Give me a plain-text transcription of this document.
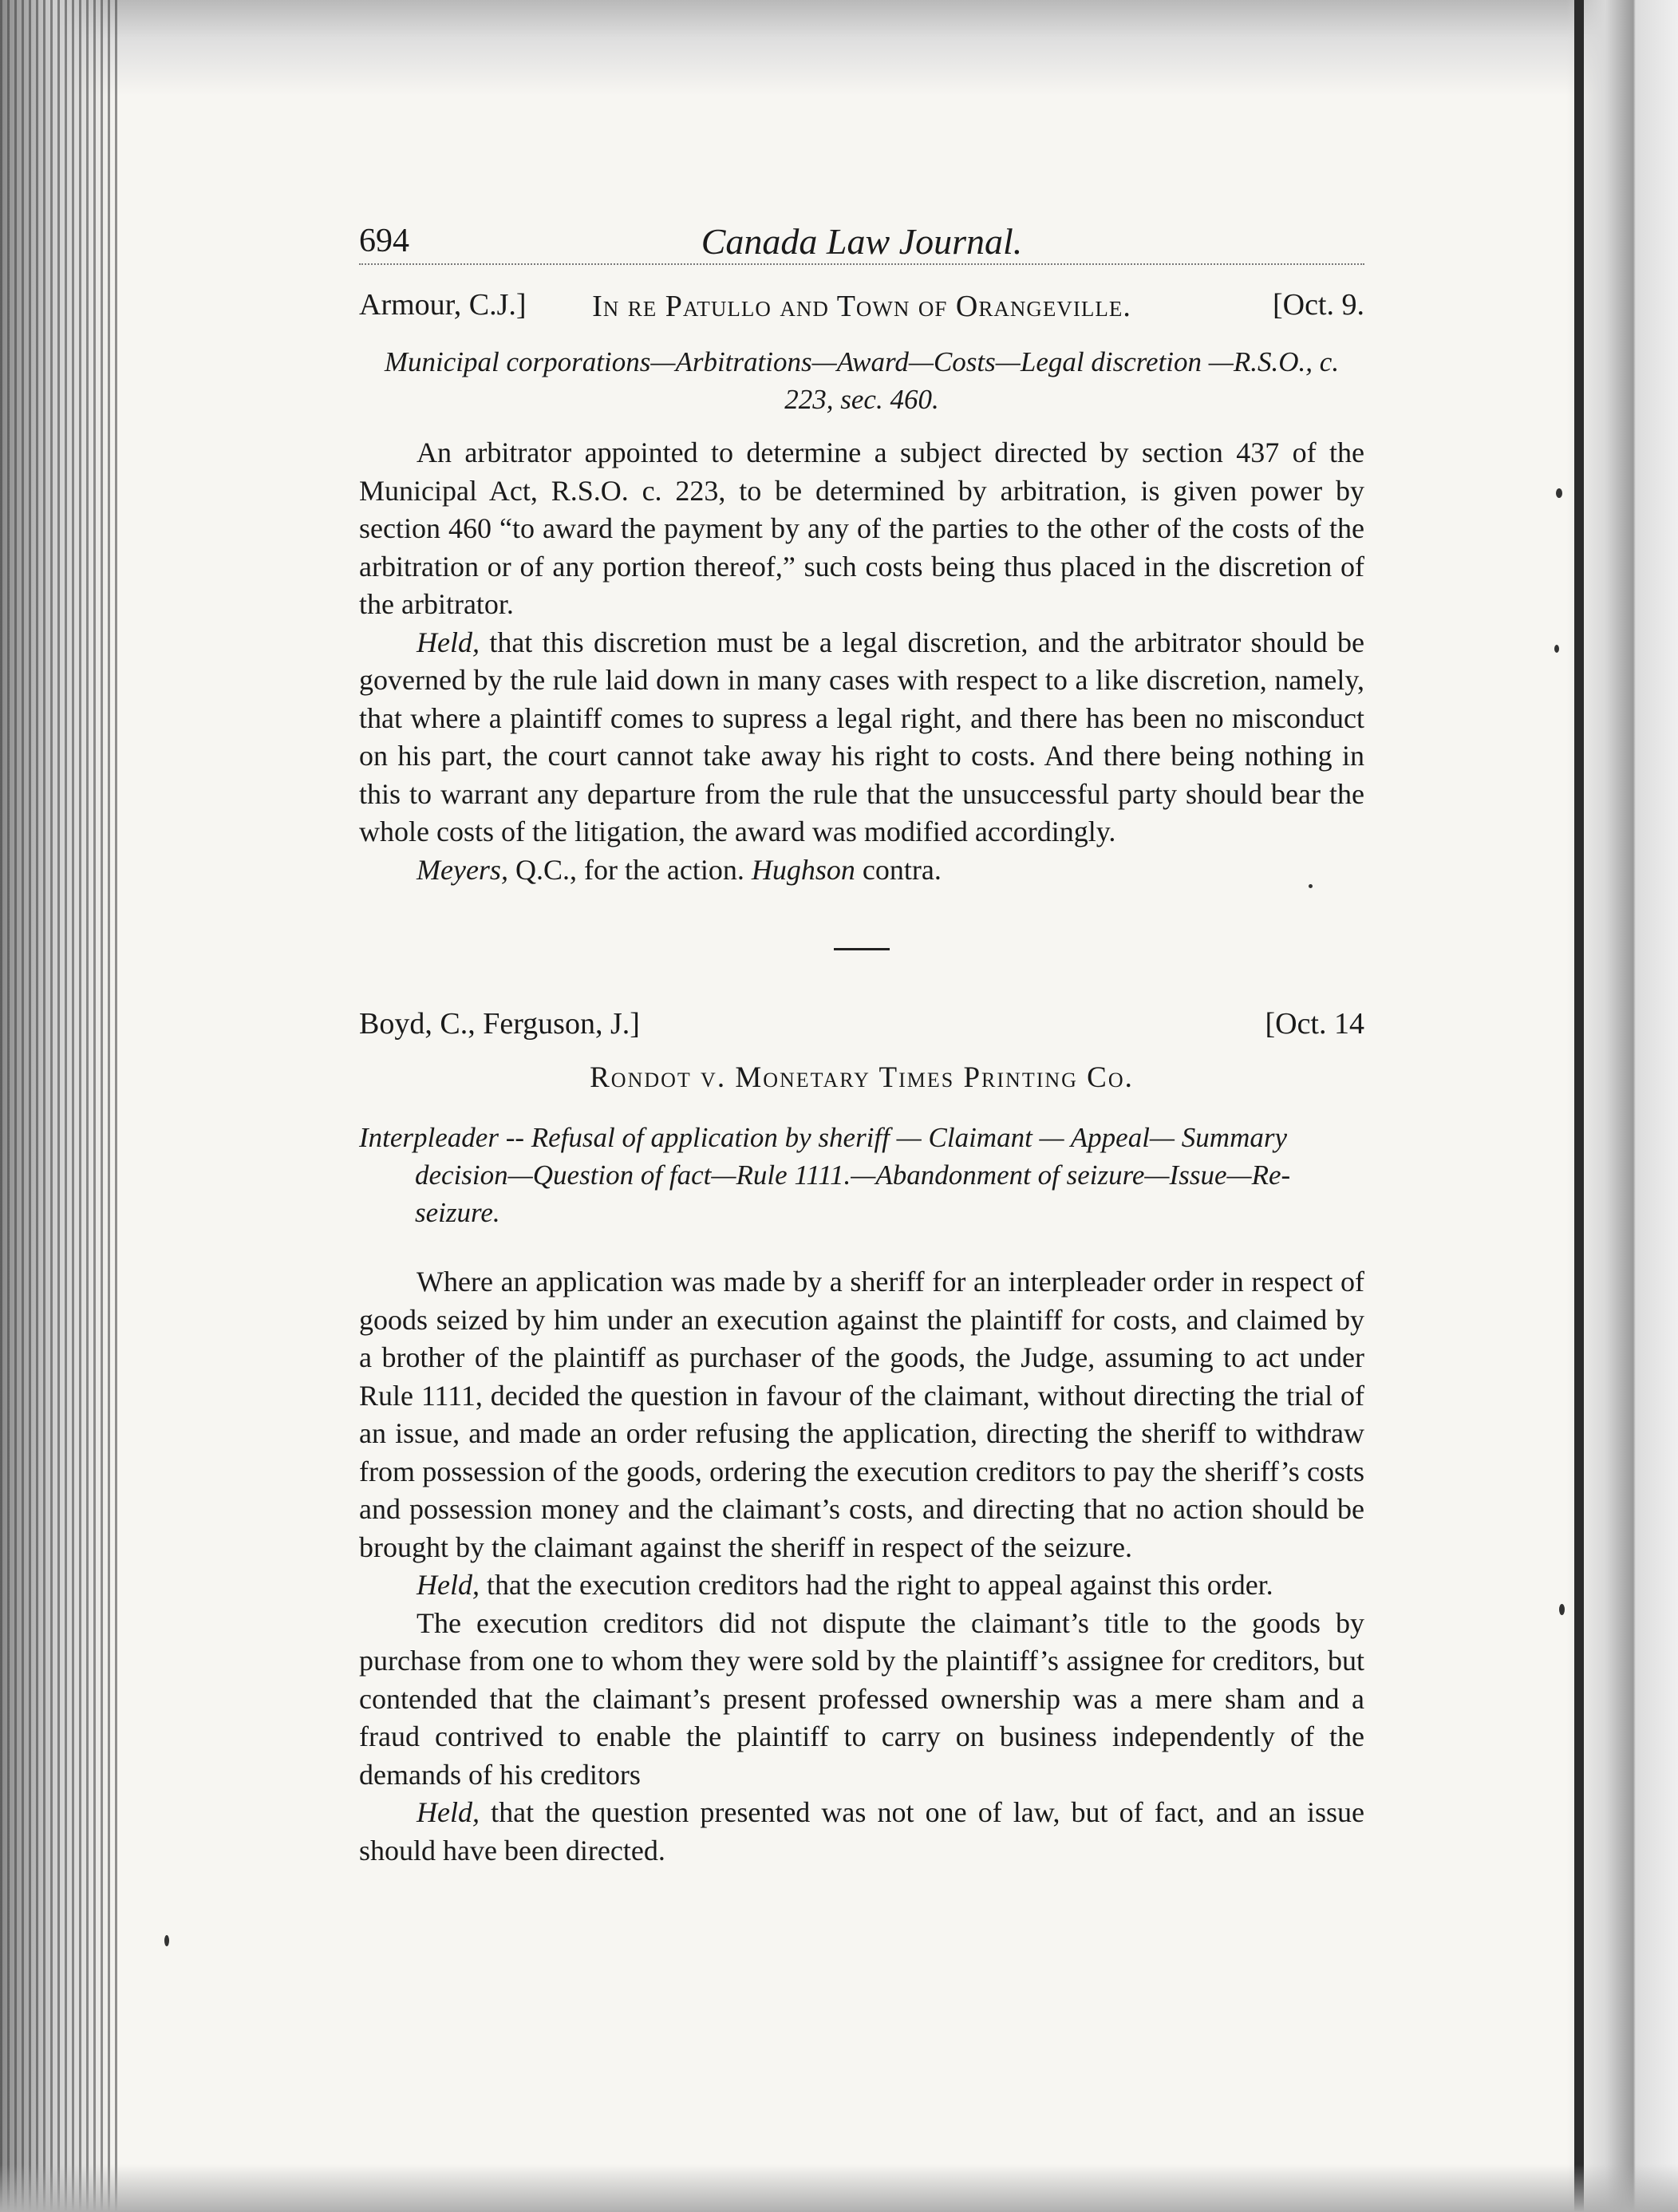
694	Canada Law Journal.
Armour, C.J.]	In re Patullo and Town of Orangeville.	[Oct. 9.
Municipal corporations—Arbitrations—Award—Costs—Legal discretion —R.S.O., c. 223, sec. 460.

An arbitrator appointed to determine a subject directed by section 437 of the Municipal Act, R.S.O. c. 223, to be determined by arbitration, is given power by section 460 “to award the payment by any of the parties to the other of the costs of the arbitration or of any portion thereof,” such costs being thus placed in the discretion of the arbitrator.

Held, that this discretion must be a legal discretion, and the arbitrator should be governed by the rule laid down in many cases with respect to a like discretion, namely, that where a plaintiff comes to supress a legal right, and there has been no misconduct on his part, the court cannot take away his right to costs. And there being nothing in this to warrant any departure from the rule that the unsuccessful party should bear the whole costs of the litigation, the award was modified accordingly.

Meyers, Q.C., for the action. Hughson contra.

Boyd, C., Ferguson, J.]	[Oct. 14
Rondot v. Monetary Times Printing Co.
Interpleader -- Refusal of application by sheriff — Claimant — Appeal— Summary decision—Question of fact—Rule 1111.—Abandonment of seizure—Issue—Re-seizure.

Where an application was made by a sheriff for an interpleader order in respect of goods seized by him under an execution against the plaintiff for costs, and claimed by a brother of the plaintiff as purchaser of the goods, the Judge, assuming to act under Rule 1111, decided the question in favour of the claimant, without directing the trial of an issue, and made an order refusing the application, directing the sheriff to withdraw from possession of the goods, ordering the execution creditors to pay the sheriff’s costs and possession money and the claimant’s costs, and directing that no action should be brought by the claimant against the sheriff in respect of the seizure.

Held, that the execution creditors had the right to appeal against this order.

The execution creditors did not dispute the claimant’s title to the goods by purchase from one to whom they were sold by the plaintiff’s assignee for creditors, but contended that the claimant’s present professed ownership was a mere sham and a fraud contrived to enable the plaintiff to carry on business independently of the demands of his creditors

Held, that the question presented was not one of law, but of fact, and an issue should have been directed.
